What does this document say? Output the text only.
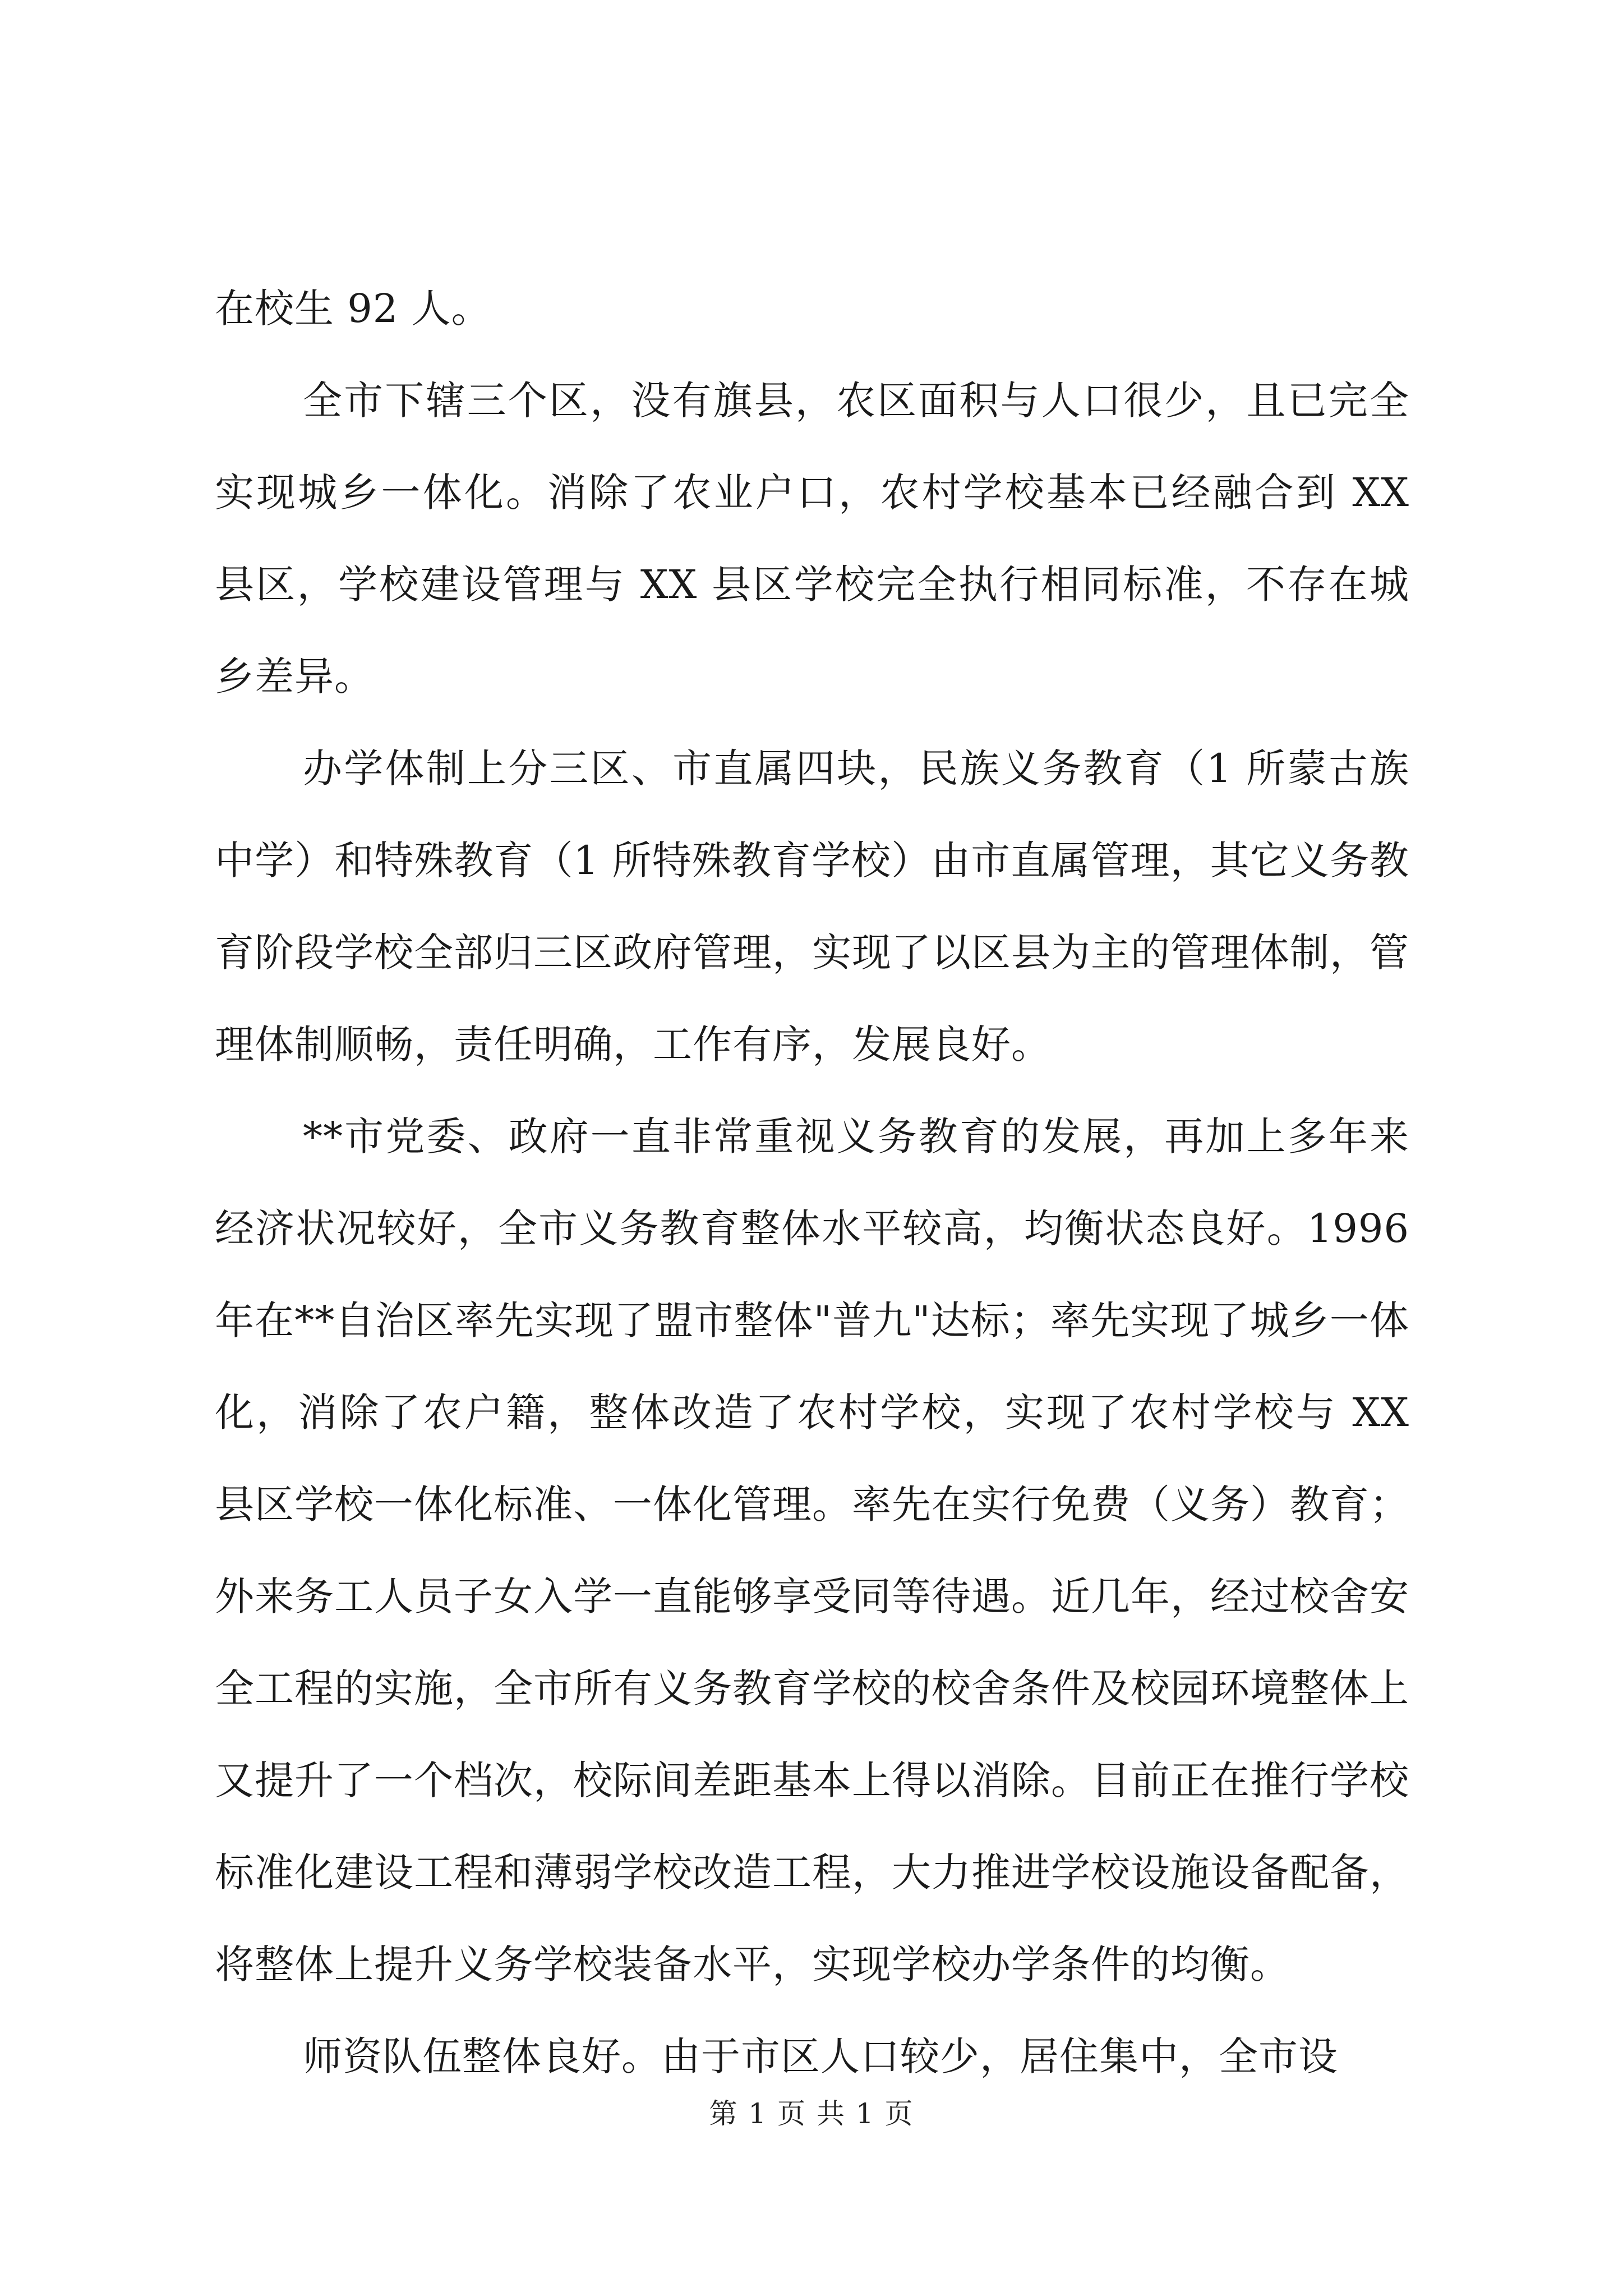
在校生 92 人。

全市下辖三个区，没有旗县，农区面积与人口很少，且已完全实现城乡一体化。消除了农业户口，农村学校基本已经融合到 XX 县区，学校建设管理与 XX 县区学校完全执行相同标准，不存在城乡差异。

办学体制上分三区、市直属四块，民族义务教育（1 所蒙古族中学）和特殊教育（1 所特殊教育学校）由市直属管理，其它义务教育阶段学校全部归三区政府管理，实现了以区县为主的管理体制，管理体制顺畅，责任明确，工作有序，发展良好。

**市党委、政府一直非常重视义务教育的发展，再加上多年来经济状况较好，全市义务教育整体水平较高，均衡状态良好。1996 年在**自治区率先实现了盟市整体"普九"达标；率先实现了城乡一体化，消除了农户籍，整体改造了农村学校，实现了农村学校与 XX 县区学校一体化标准、一体化管理。率先在实行免费（义务）教育；外来务工人员子女入学一直能够享受同等待遇。近几年，经过校舍安全工程的实施，全市所有义务教育学校的校舍条件及校园环境整体上又提升了一个档次，校际间差距基本上得以消除。目前正在推行学校标准化建设工程和薄弱学校改造工程，大力推进学校设施设备配备，将整体上提升义务学校装备水平，实现学校办学条件的均衡。

师资队伍整体良好。由于市区人口较少，居住集中，全市设

第 1 页 共 1 页
